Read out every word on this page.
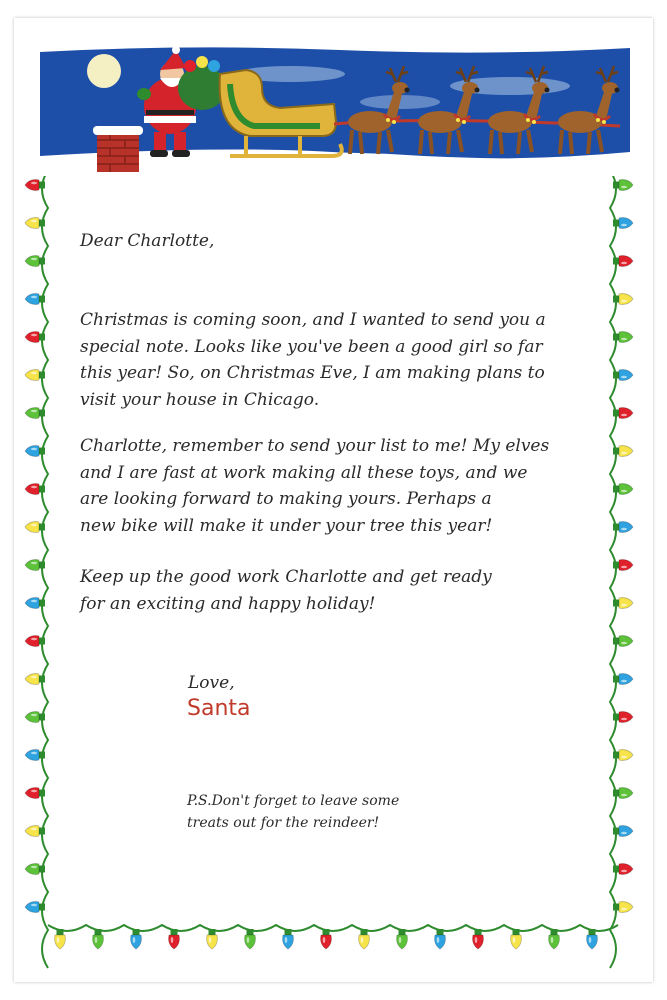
Dear Charlotte,

Christmas is coming soon, and I wanted to send you a
special note. Looks like you've been a good girl so far
this year! So, on Christmas Eve, I am making plans to
visit your house in Chicago.

Charlotte, remember to send your list to me! My elves
and I are fast at work making all these toys, and we
are looking forward to making yours. Perhaps a
new bike will make it under your tree this year!

Keep up the good work Charlotte and get ready
for an exciting and happy holiday!

Love,
Santa
P.S.Don't forget to leave some
treats out for the reindeer!
